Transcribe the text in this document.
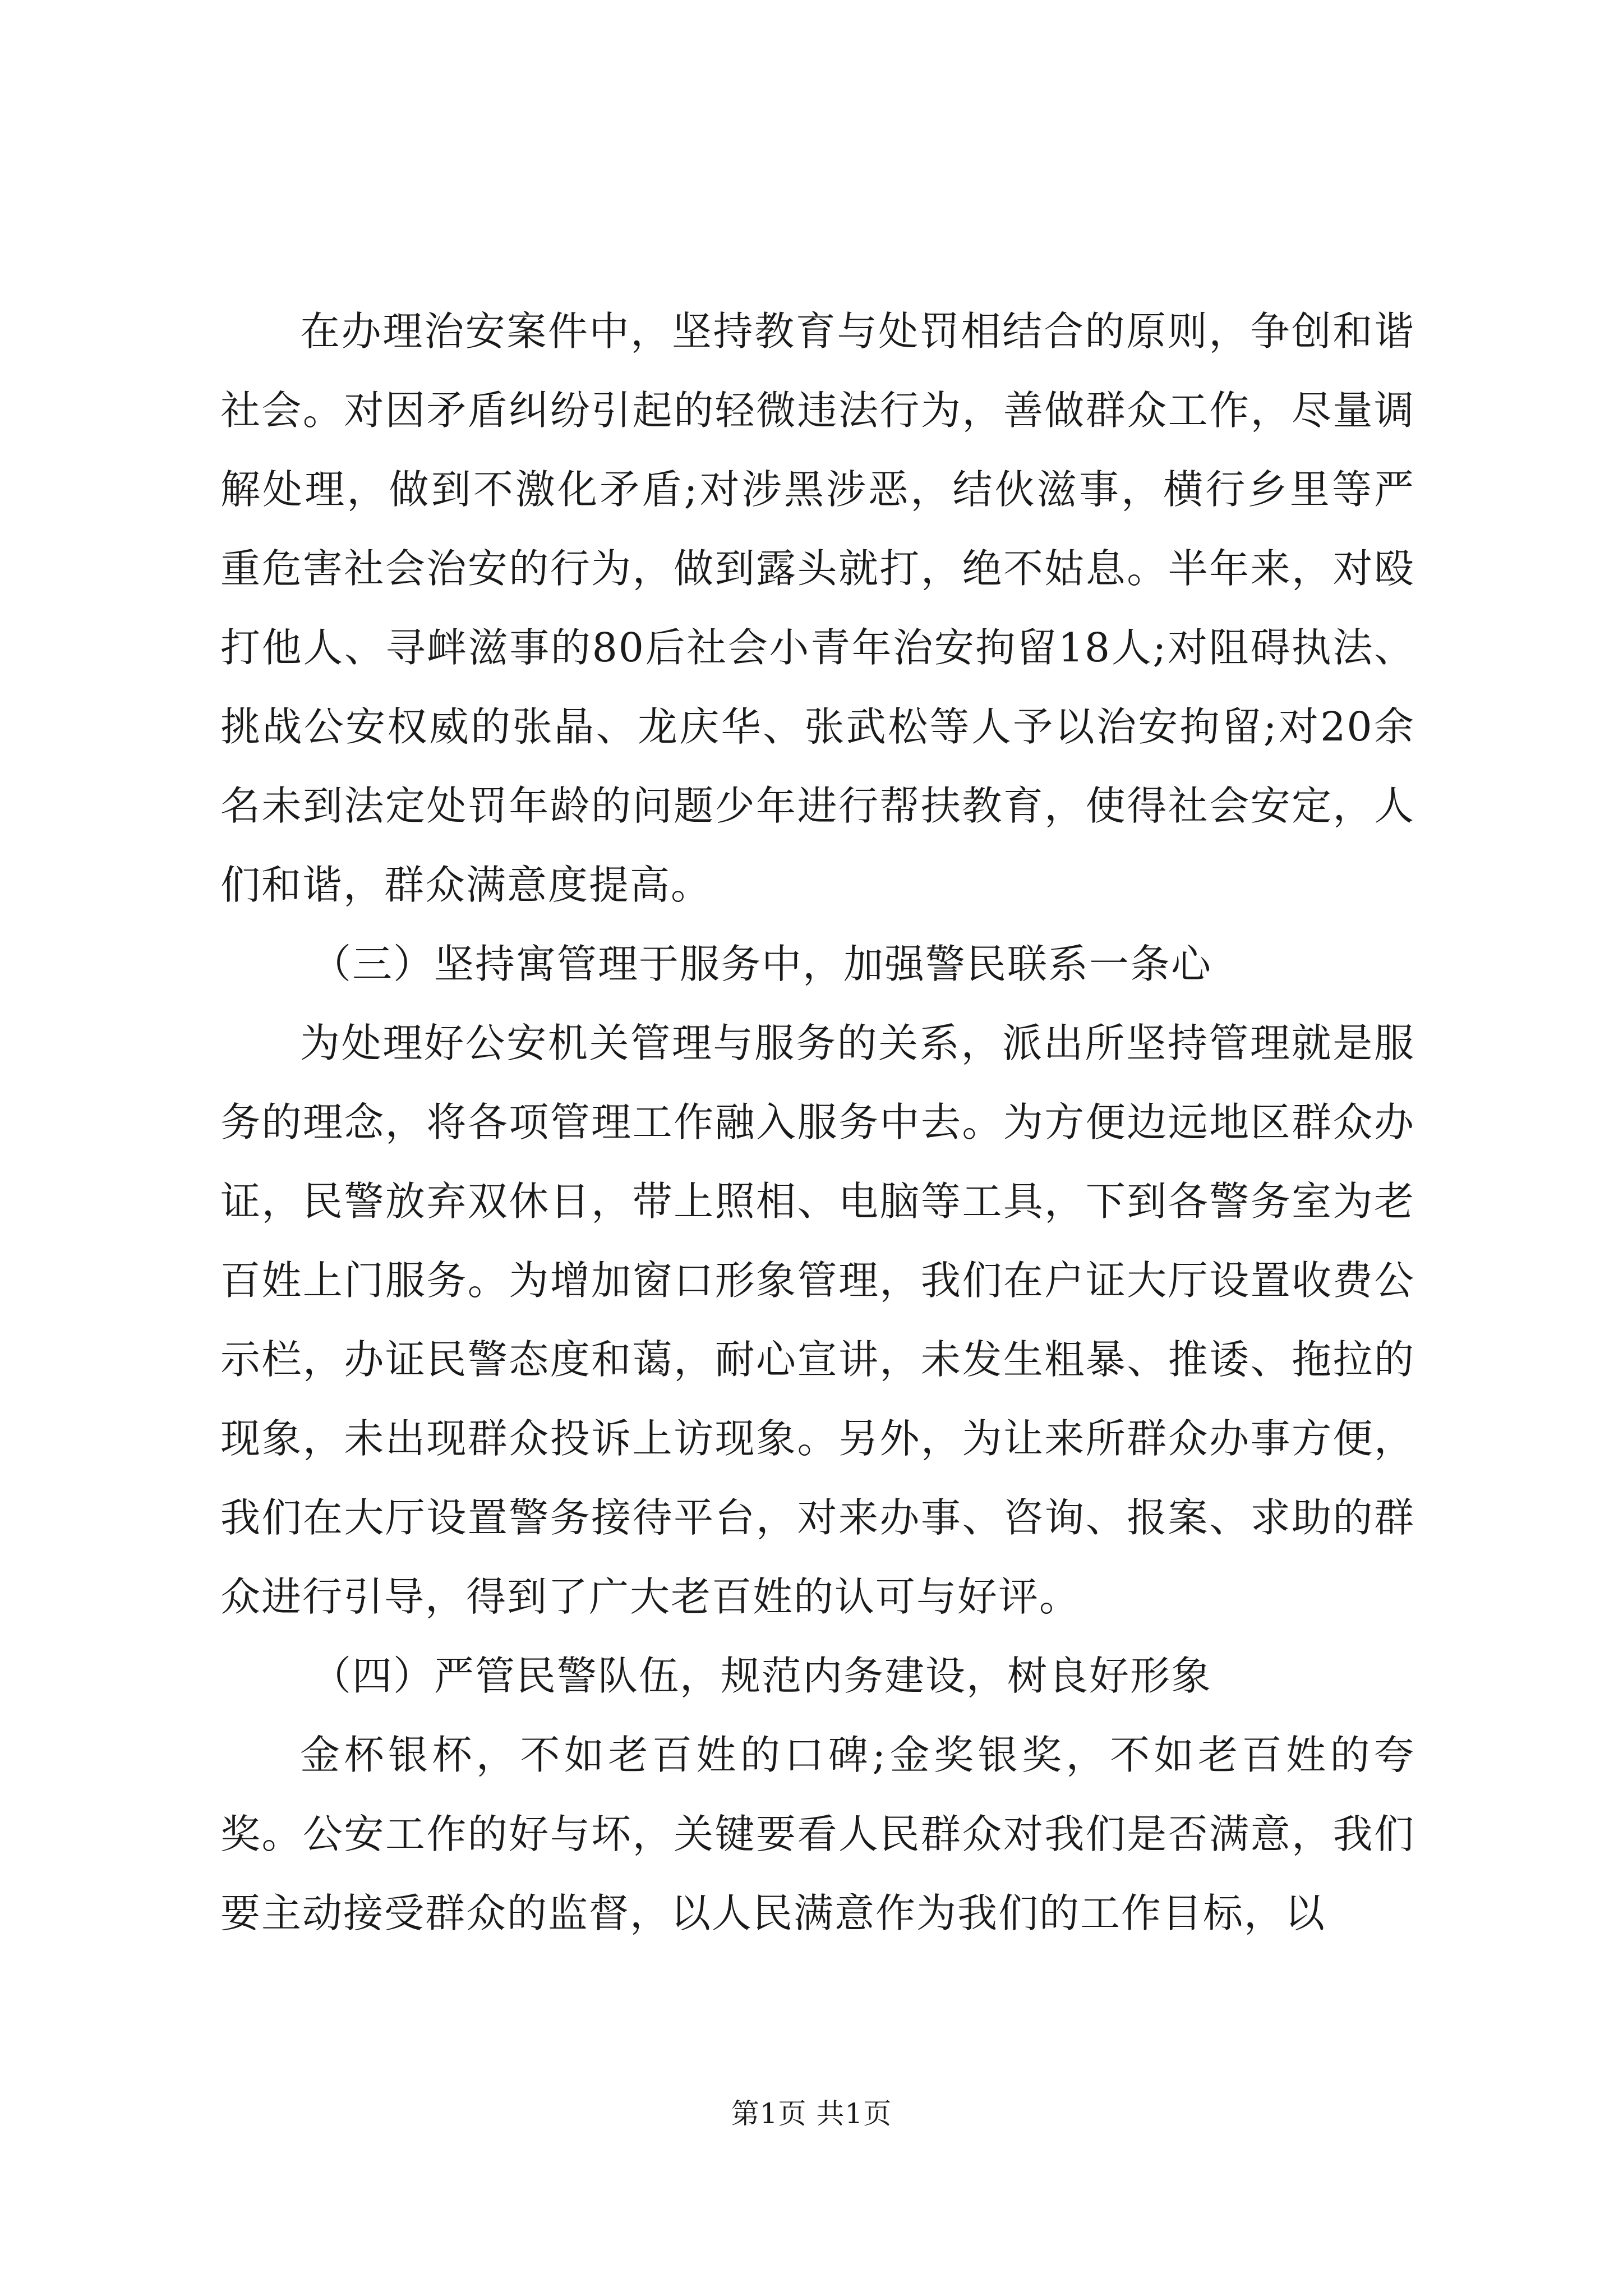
在办理治安案件中，坚持教育与处罚相结合的原则，争创和谐社会。对因矛盾纠纷引起的轻微违法行为，善做群众工作，尽量调解处理，做到不激化矛盾;对涉黑涉恶，结伙滋事，横行乡里等严重危害社会治安的行为，做到露头就打，绝不姑息。半年来，对殴打他人、寻衅滋事的80后社会小青年治安拘留18人;对阻碍执法、挑战公安权威的张晶、龙庆华、张武松等人予以治安拘留;对20余名未到法定处罚年龄的问题少年进行帮扶教育，使得社会安定，人们和谐，群众满意度提高。

（三）坚持寓管理于服务中，加强警民联系一条心

为处理好公安机关管理与服务的关系，派出所坚持管理就是服务的理念，将各项管理工作融入服务中去。为方便边远地区群众办证，民警放弃双休日，带上照相、电脑等工具，下到各警务室为老百姓上门服务。为增加窗口形象管理，我们在户证大厅设置收费公示栏，办证民警态度和蔼，耐心宣讲，未发生粗暴、推诿、拖拉的现象，未出现群众投诉上访现象。另外，为让来所群众办事方便，我们在大厅设置警务接待平台，对来办事、咨询、报案、求助的群众进行引导，得到了广大老百姓的认可与好评。

（四）严管民警队伍，规范内务建设，树良好形象

金杯银杯，不如老百姓的口碑;金奖银奖，不如老百姓的夸奖。公安工作的好与坏，关键要看人民群众对我们是否满意，我们要主动接受群众的监督，以人民满意作为我们的工作目标，以

第1页 共1页
